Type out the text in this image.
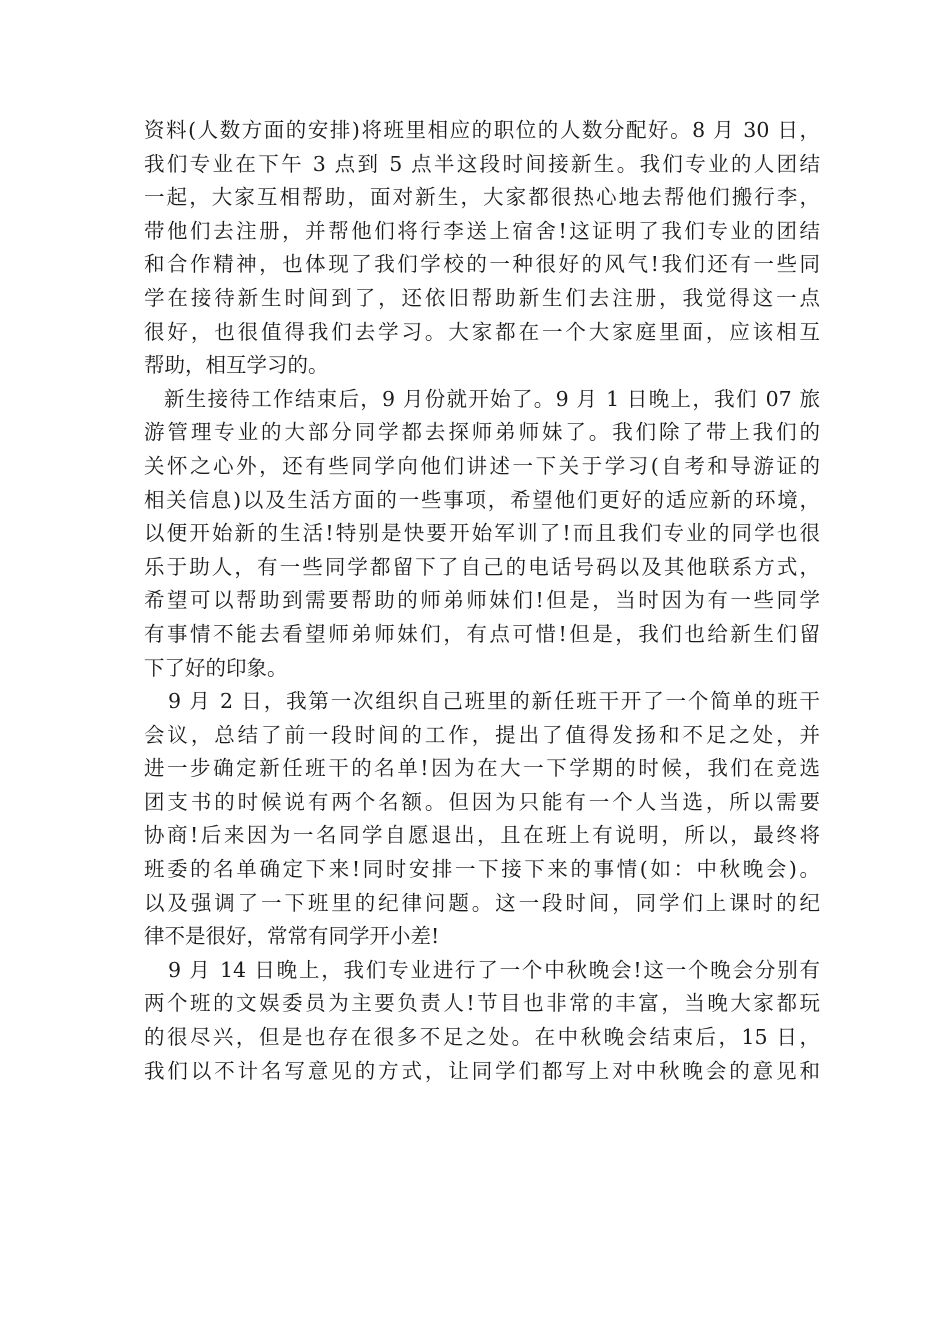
资料(人数方面的安排)将班里相应的职位的人数分配好。8 月 30 日，
我们专业在下午 3 点到 5 点半这段时间接新生。我们专业的人团结
一起，大家互相帮助，面对新生，大家都很热心地去帮他们搬行李，
带他们去注册，并帮他们将行李送上宿舍!这证明了我们专业的团结
和合作精神，也体现了我们学校的一种很好的风气!我们还有一些同
学在接待新生时间到了，还依旧帮助新生们去注册，我觉得这一点
很好，也很值得我们去学习。大家都在一个大家庭里面，应该相互
帮助，相互学习的。

新生接待工作结束后，9 月份就开始了。9 月 1 日晚上，我们 07 旅
游管理专业的大部分同学都去探师弟师妹了。我们除了带上我们的
关怀之心外，还有些同学向他们讲述一下关于学习(自考和导游证的
相关信息)以及生活方面的一些事项，希望他们更好的适应新的环境，
以便开始新的生活!特别是快要开始军训了!而且我们专业的同学也很
乐于助人，有一些同学都留下了自己的电话号码以及其他联系方式，
希望可以帮助到需要帮助的师弟师妹们!但是，当时因为有一些同学
有事情不能去看望师弟师妹们，有点可惜!但是，我们也给新生们留
下了好的印象。

9 月 2 日，我第一次组织自己班里的新任班干开了一个简单的班干
会议，总结了前一段时间的工作，提出了值得发扬和不足之处，并
进一步确定新任班干的名单!因为在大一下学期的时候，我们在竞选
团支书的时候说有两个名额。但因为只能有一个人当选，所以需要
协商!后来因为一名同学自愿退出，且在班上有说明，所以，最终将
班委的名单确定下来!同时安排一下接下来的事情(如：中秋晚会)。
以及强调了一下班里的纪律问题。这一段时间，同学们上课时的纪
律不是很好，常常有同学开小差!

9 月 14 日晚上，我们专业进行了一个中秋晚会!这一个晚会分别有
两个班的文娱委员为主要负责人!节目也非常的丰富，当晚大家都玩
的很尽兴，但是也存在很多不足之处。在中秋晚会结束后，15 日，
我们以不计名写意见的方式，让同学们都写上对中秋晚会的意见和
